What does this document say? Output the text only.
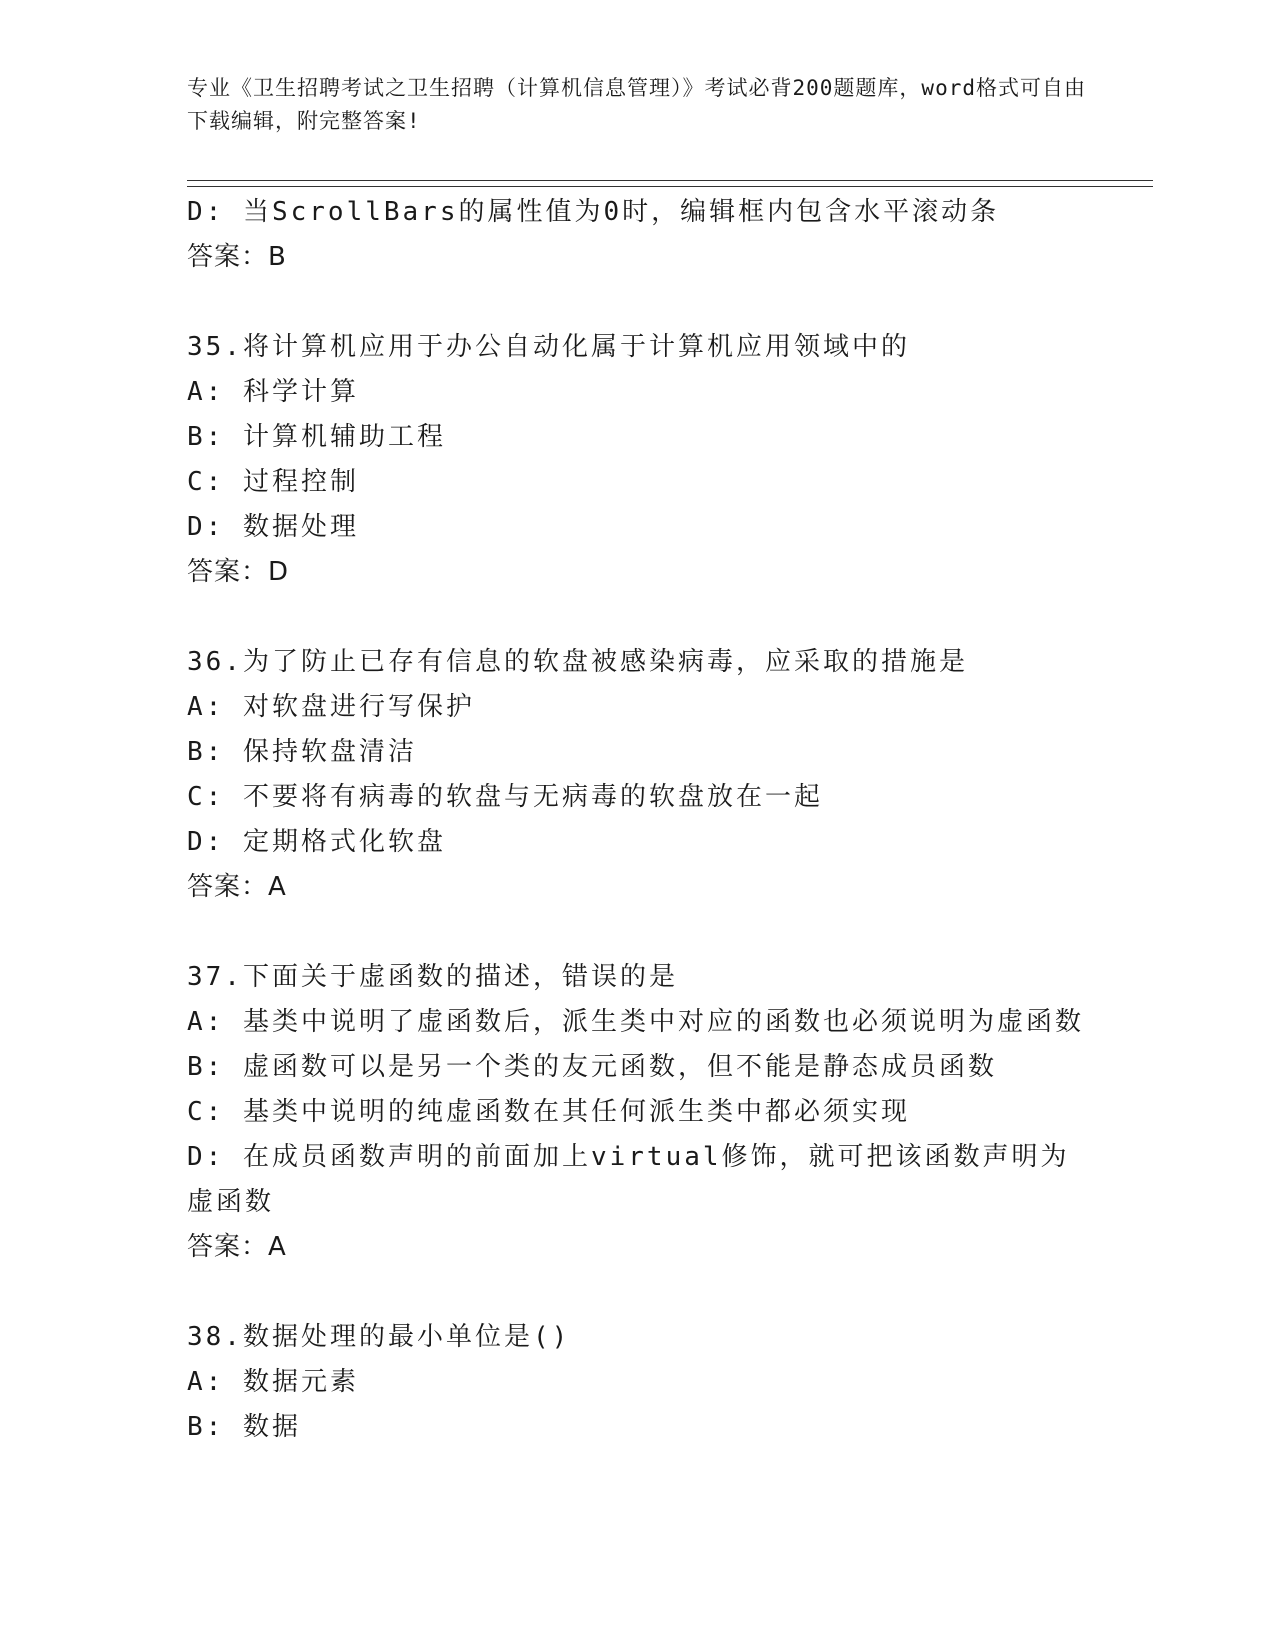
专业《卫生招聘考试之卫生招聘（计算机信息管理）》考试必背200题题库，word格式可自由下载编辑，附完整答案!
D: 当ScrollBars的属性值为0时，编辑框内包含水平滚动条
答案：B
35.将计算机应用于办公自动化属于计算机应用领域中的
A: 科学计算
B: 计算机辅助工程
C: 过程控制
D: 数据处理
答案：D
36.为了防止已存有信息的软盘被感染病毒，应采取的措施是
A: 对软盘进行写保护
B: 保持软盘清洁
C: 不要将有病毒的软盘与无病毒的软盘放在一起
D: 定期格式化软盘
答案：A
37.下面关于虚函数的描述，错误的是
A: 基类中说明了虚函数后，派生类中对应的函数也必须说明为虚函数
B: 虚函数可以是另一个类的友元函数，但不能是静态成员函数
C: 基类中说明的纯虚函数在其任何派生类中都必须实现
D: 在成员函数声明的前面加上virtual修饰，就可把该函数声明为虚函数
答案：A
38.数据处理的最小单位是()
A: 数据元素
B: 数据
